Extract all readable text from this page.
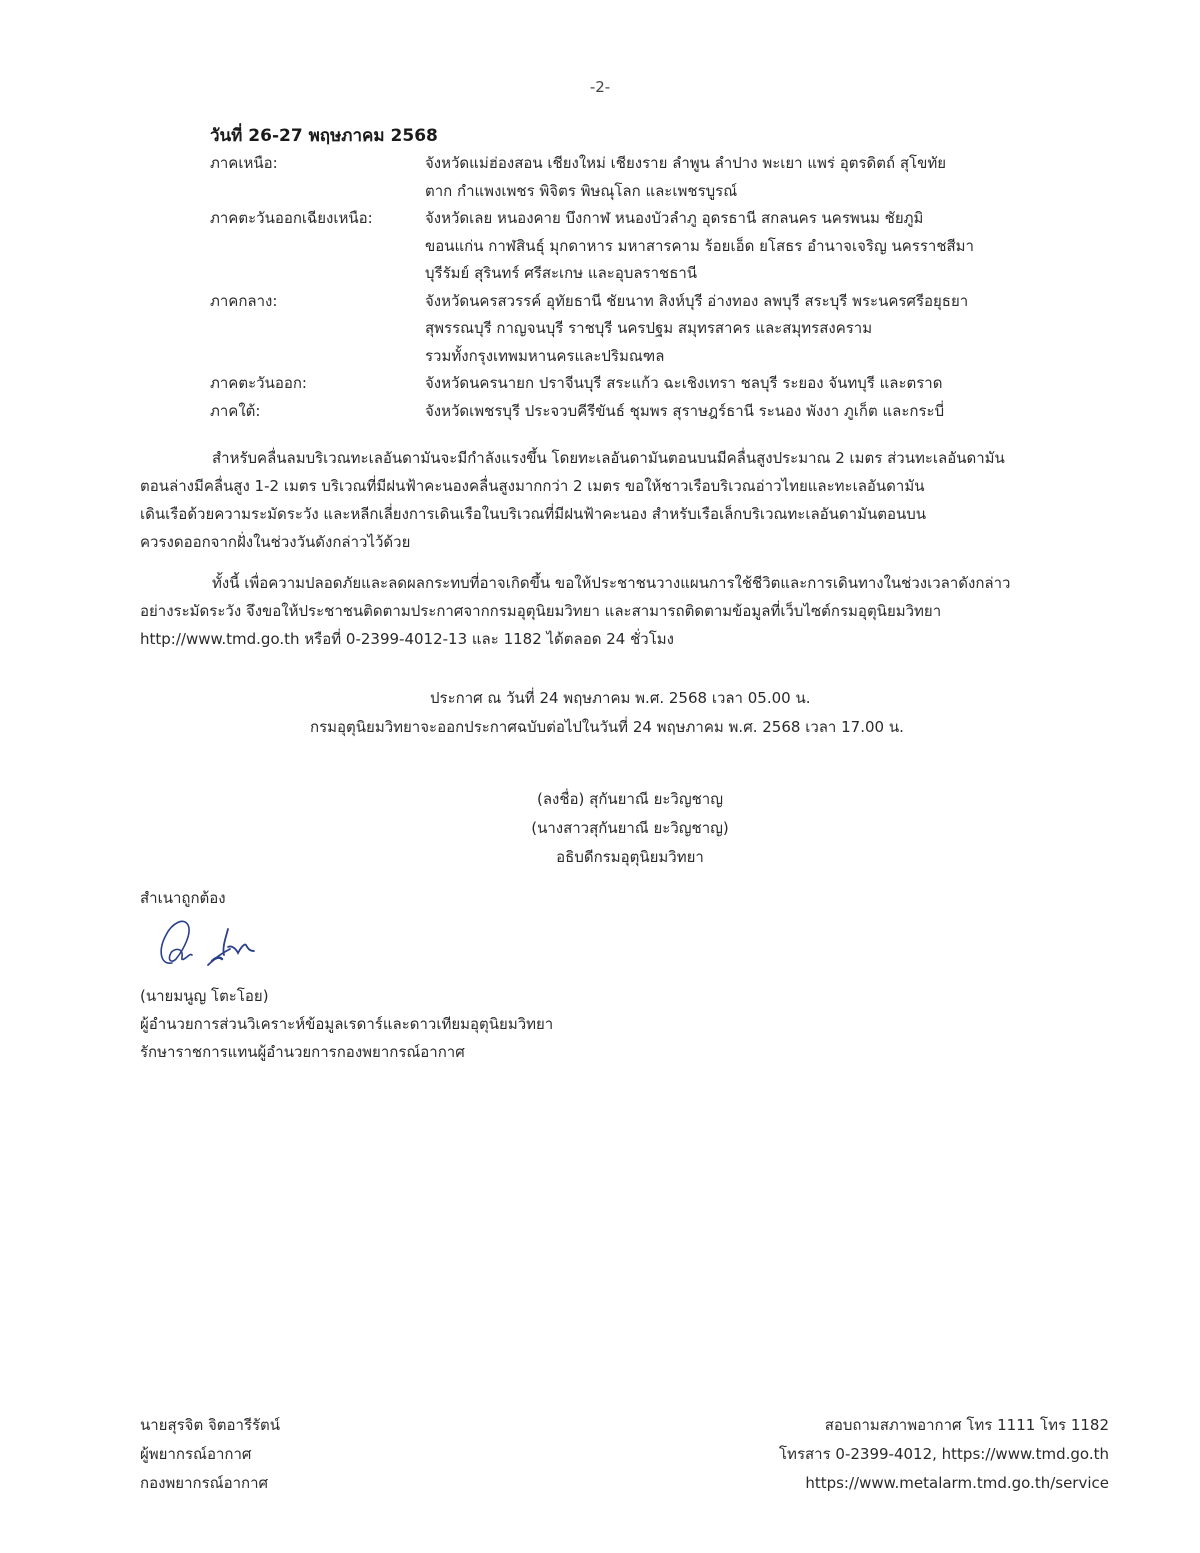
-2-
วันที่ 26-27 พฤษภาคม 2568
ภาคเหนือ:	จังหวัดแม่ฮ่องสอน เชียงใหม่ เชียงราย ลำพูน ลำปาง พะเยา แพร่ อุตรดิตถ์ สุโขทัย
ตาก กำแพงเพชร พิจิตร พิษณุโลก และเพชรบูรณ์
ภาคตะวันออกเฉียงเหนือ:	จังหวัดเลย หนองคาย บึงกาฬ หนองบัวลำภู อุดรธานี สกลนคร นครพนม ชัยภูมิ
ขอนแก่น กาฬสินธุ์ มุกดาหาร มหาสารคาม ร้อยเอ็ด ยโสธร อำนาจเจริญ นครราชสีมา
บุรีรัมย์ สุรินทร์ ศรีสะเกษ และอุบลราชธานี
ภาคกลาง:	จังหวัดนครสวรรค์ อุทัยธานี ชัยนาท สิงห์บุรี อ่างทอง ลพบุรี สระบุรี พระนครศรีอยุธยา
สุพรรณบุรี กาญจนบุรี ราชบุรี นครปฐม สมุทรสาคร และสมุทรสงคราม
รวมทั้งกรุงเทพมหานครและปริมณฑล
ภาคตะวันออก:	จังหวัดนครนายก ปราจีนบุรี สระแก้ว ฉะเชิงเทรา ชลบุรี ระยอง จันทบุรี และตราด
ภาคใต้:	จังหวัดเพชรบุรี ประจวบคีรีขันธ์ ชุมพร สุราษฎร์ธานี ระนอง พังงา ภูเก็ต และกระบี่
สำหรับคลื่นลมบริเวณทะเลอันดามันจะมีกำลังแรงขึ้น โดยทะเลอันดามันตอนบนมีคลื่นสูงประมาณ 2 เมตร ส่วนทะเลอันดามัน
ตอนล่างมีคลื่นสูง 1-2 เมตร บริเวณที่มีฝนฟ้าคะนองคลื่นสูงมากกว่า 2 เมตร ขอให้ชาวเรือบริเวณอ่าวไทยและทะเลอันดามัน
เดินเรือด้วยความระมัดระวัง และหลีกเลี่ยงการเดินเรือในบริเวณที่มีฝนฟ้าคะนอง สำหรับเรือเล็กบริเวณทะเลอันดามันตอนบน
ควรงดออกจากฝั่งในช่วงวันดังกล่าวไว้ด้วย
ทั้งนี้ เพื่อความปลอดภัยและลดผลกระทบที่อาจเกิดขึ้น ขอให้ประชาชนวางแผนการใช้ชีวิตและการเดินทางในช่วงเวลาดังกล่าว
อย่างระมัดระวัง จึงขอให้ประชาชนติดตามประกาศจากกรมอุตุนิยมวิทยา และสามารถติดตามข้อมูลที่เว็บไซต์กรมอุตุนิยมวิทยา
http://www.tmd.go.th หรือที่ 0-2399-4012-13 และ 1182 ได้ตลอด 24 ชั่วโมง
ประกาศ ณ วันที่ 24 พฤษภาคม พ.ศ. 2568 เวลา 05.00 น.
กรมอุตุนิยมวิทยาจะออกประกาศฉบับต่อไปในวันที่ 24 พฤษภาคม พ.ศ. 2568 เวลา 17.00 น.
(ลงชื่อ) สุกันยาณี ยะวิญชาญ
(นางสาวสุกันยาณี ยะวิญชาญ)
อธิบดีกรมอุตุนิยมวิทยา
สำเนาถูกต้อง
(นายมนูญ โตะโอย)
ผู้อำนวยการส่วนวิเคราะห์ข้อมูลเรดาร์และดาวเทียมอุตุนิยมวิทยา
รักษาราชการแทนผู้อำนวยการกองพยากรณ์อากาศ
นายสุรจิต จิตอารีรัตน์
ผู้พยากรณ์อากาศ
กองพยากรณ์อากาศ
สอบถามสภาพอากาศ โทร 1111 โทร 1182
โทรสาร 0-2399-4012, https://www.tmd.go.th
https://www.metalarm.tmd.go.th/service
